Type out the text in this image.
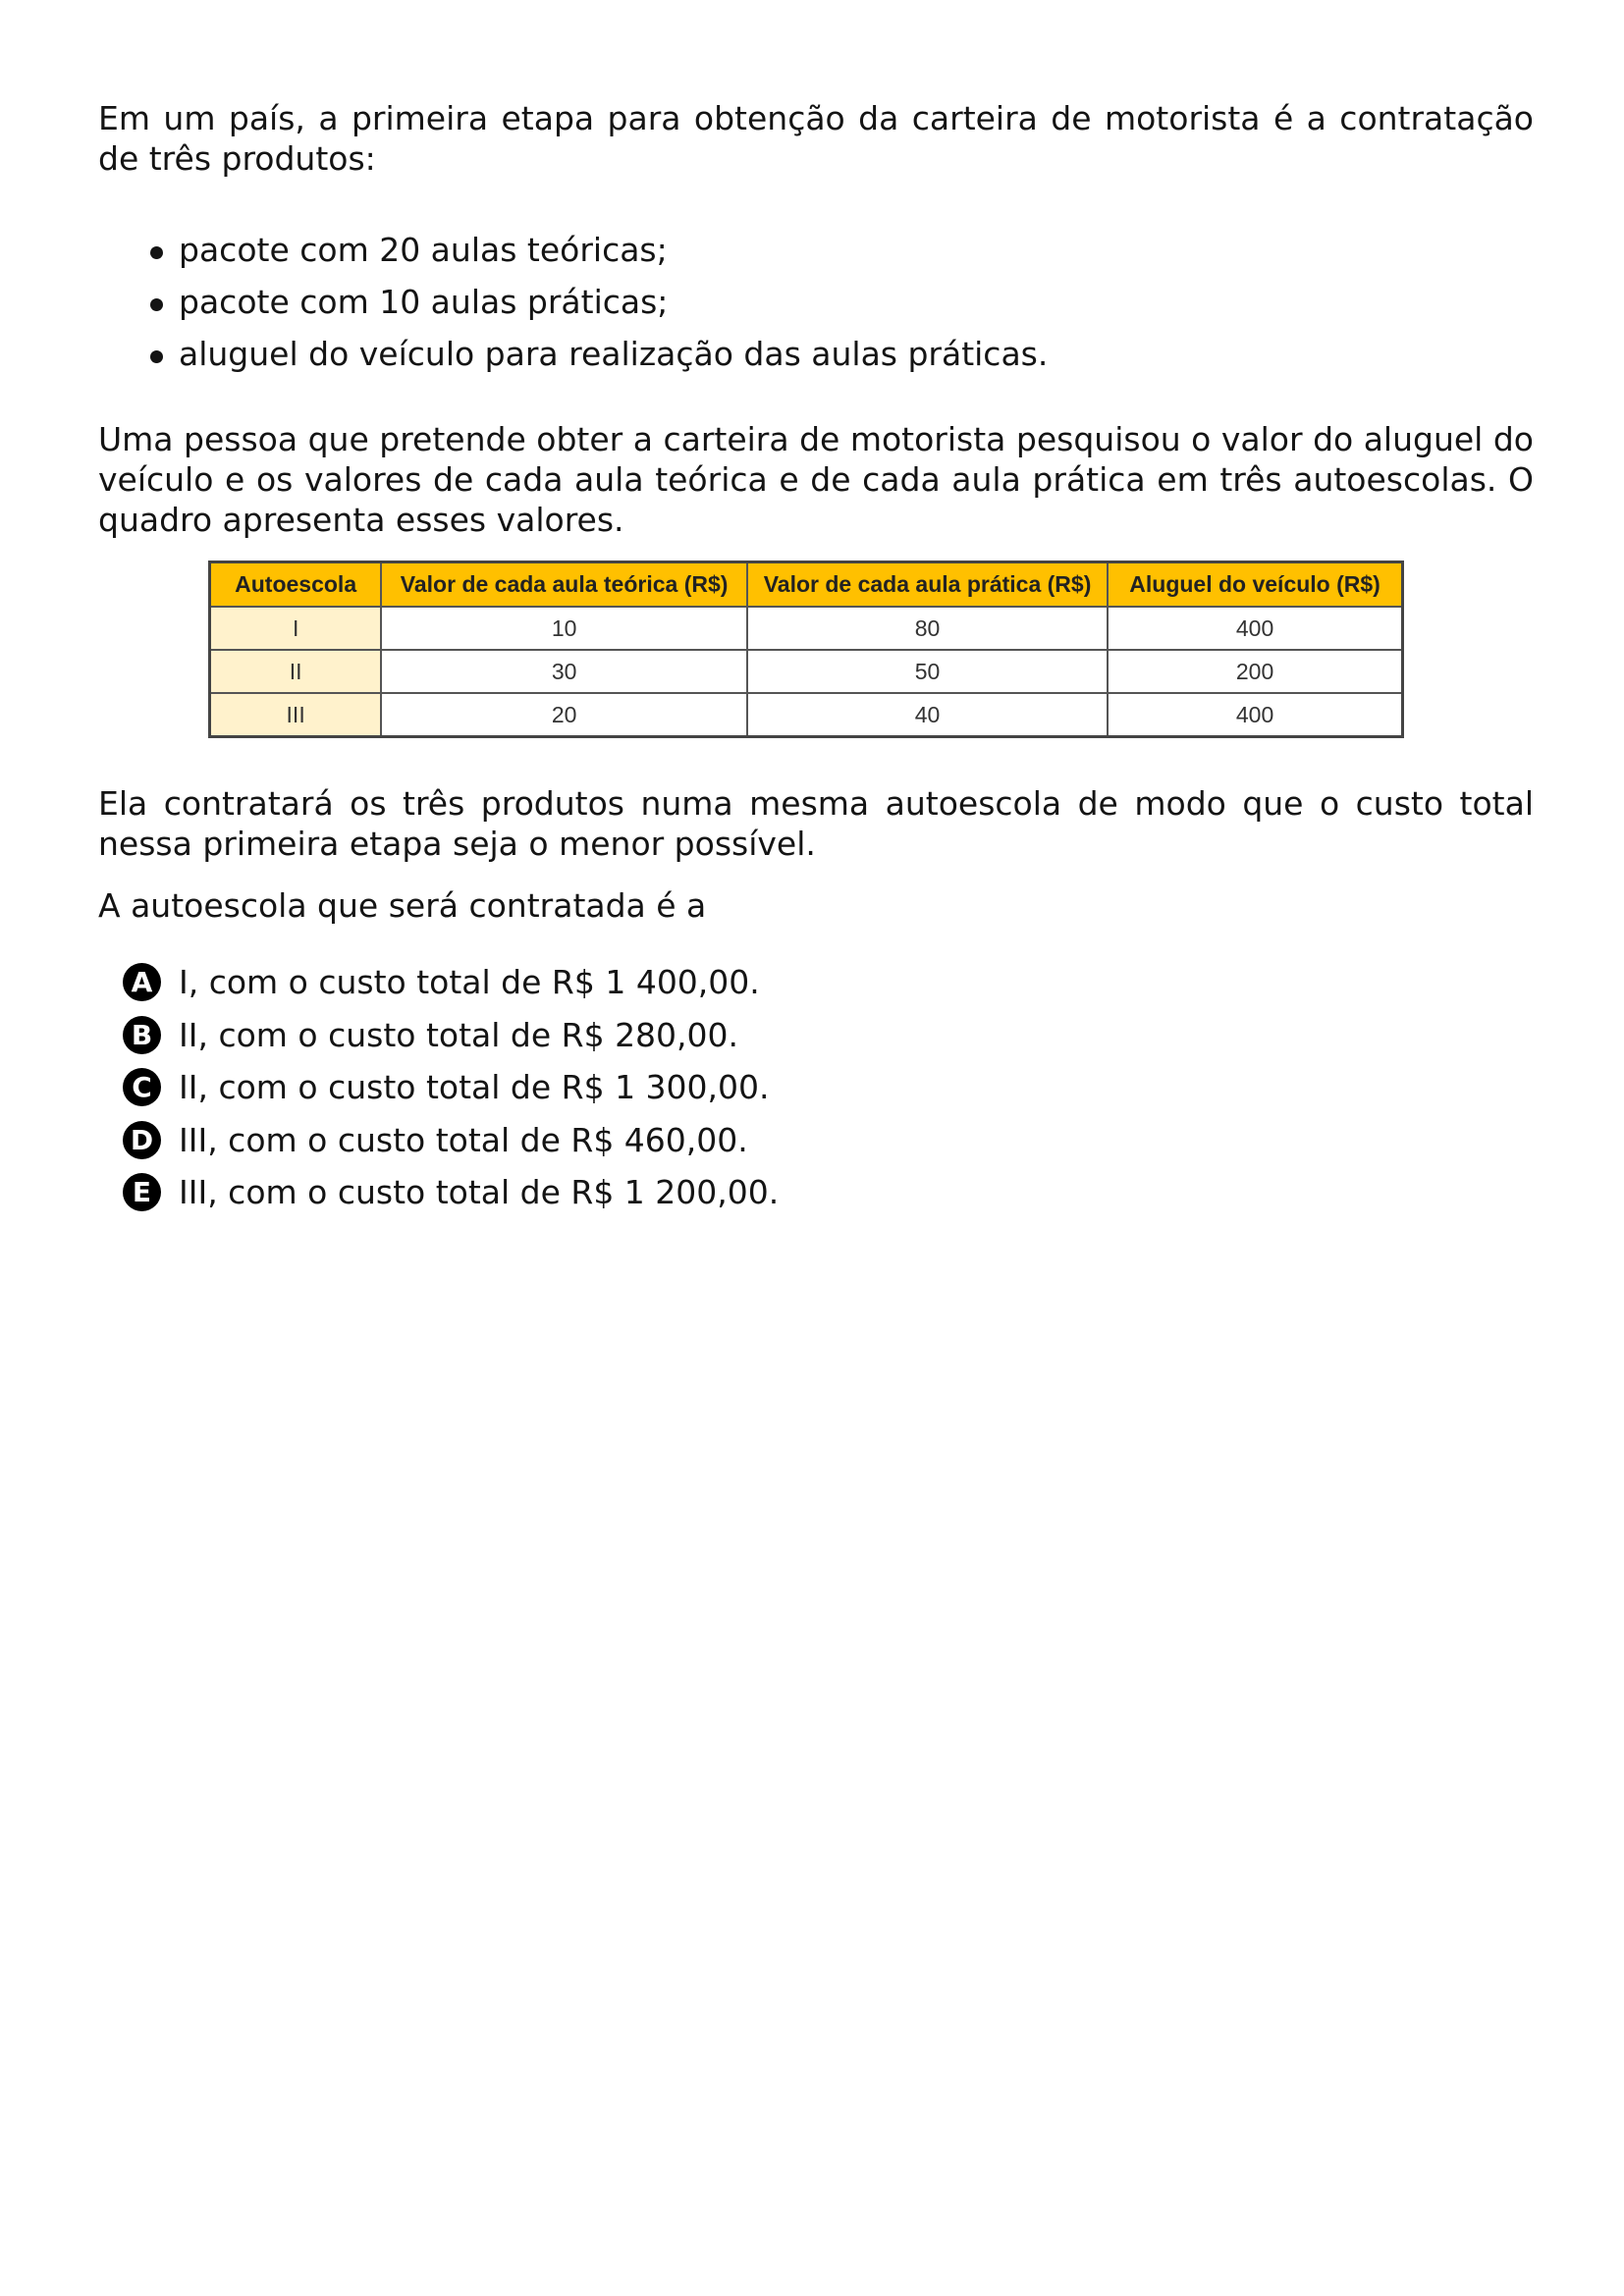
Em um país, a primeira etapa para obtenção da carteira de motorista é a contratação de três produtos:

pacote com 20 aulas teóricas;
pacote com 10 aulas práticas;
aluguel do veículo para realização das aulas práticas.

Uma pessoa que pretende obter a carteira de motorista pesquisou o valor do aluguel do veículo e os valores de cada aula teórica e de cada aula prática em três autoescolas. O quadro apresenta esses valores.

Autoescola	Valor de cada aula teórica (R$)	Valor de cada aula prática (R$)	Aluguel do veículo (R$)
I	10	80	400
II	30	50	200
III	20	40	400

Ela contratará os três produtos numa mesma autoescola de modo que o custo total nessa primeira etapa seja o menor possível.

A autoescola que será contratada é a

A I, com o custo total de R$ 1 400,00.
B II, com o custo total de R$ 280,00.
C II, com o custo total de R$ 1 300,00.
D III, com o custo total de R$ 460,00.
E III, com o custo total de R$ 1 200,00.
